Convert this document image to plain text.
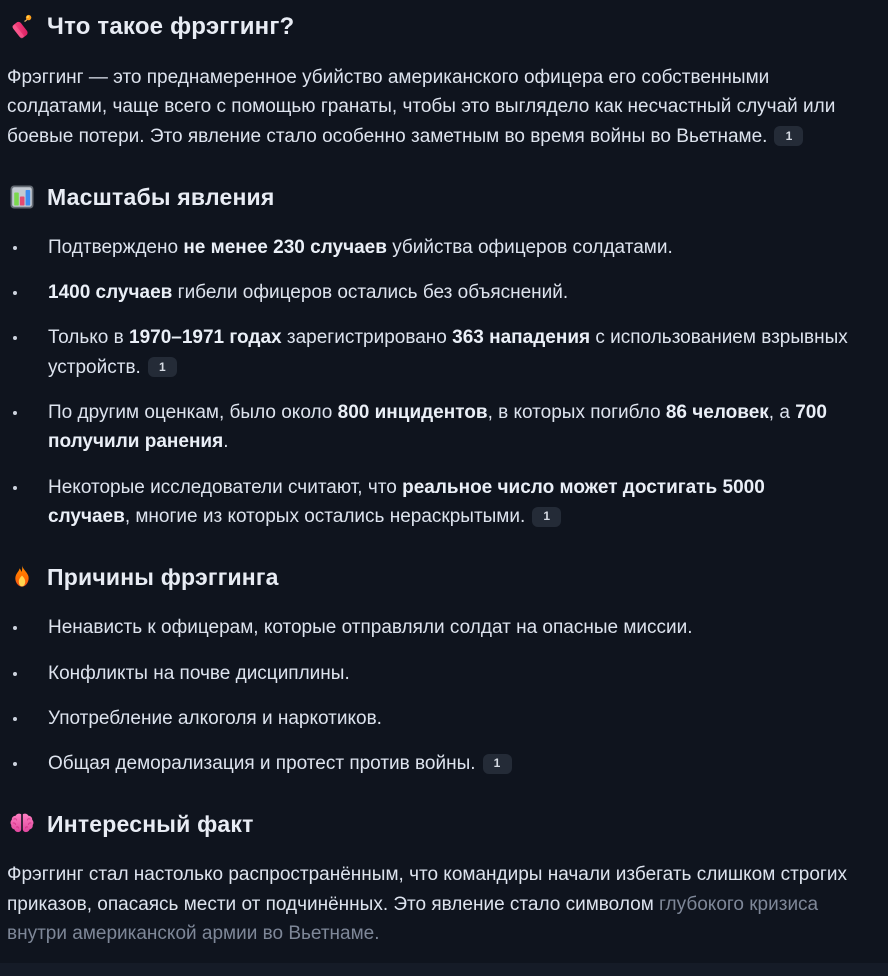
Что такое фрэггинг?
Фрэггинг — это преднамеренное убийство американского офицера его собственными солдатами, чаще всего с помощью гранаты, чтобы это выглядело как несчастный случай или боевые потери. Это явление стало особенно заметным во время войны во Вьетнаме. 1
Масштабы явления
Подтверждено не менее 230 случаев убийства офицеров солдатами.
1400 случаев гибели офицеров остались без объяснений.
Только в 1970–1971 годах зарегистрировано 363 нападения с использованием взрывных устройств. 1
По другим оценкам, было около 800 инцидентов, в которых погибло 86 человек, а 700 получили ранения.
Некоторые исследователи считают, что реальное число может достигать 5000 случаев, многие из которых остались нераскрытыми. 1
Причины фрэггинга
Ненависть к офицерам, которые отправляли солдат на опасные миссии.
Конфликты на почве дисциплины.
Употребление алкоголя и наркотиков.
Общая деморализация и протест против войны. 1
Интересный факт
Фрэггинг стал настолько распространённым, что командиры начали избегать слишком строгих приказов, опасаясь мести от подчинённых. Это явление стало символом глубокого кризиса внутри американской армии во Вьетнаме.
